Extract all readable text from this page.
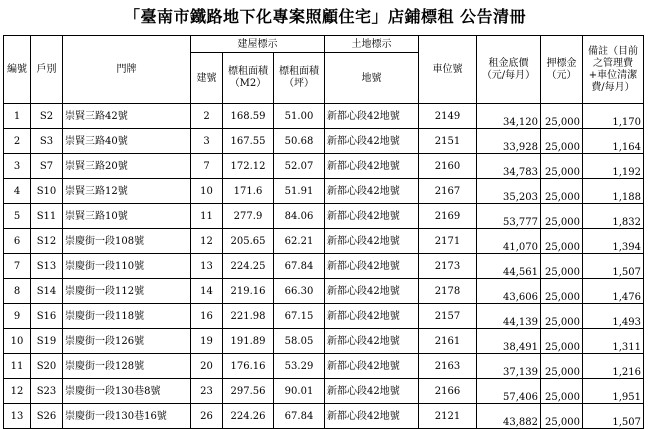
「臺南市鐵路地下化專案照顧住宅」店鋪標租 公告清冊
編號	戶別	門牌	建屋標示			土地標示	車位號	租金底價（元/每月）	押標金（元）	備註（目前之管理費+車位清潔費/每月）
			建號	標租面積（M2）	標租面積（坪）	地號				
1	S2	崇賢三路42號	2	168.59	51.00	新都心段42地號	2149	34,120	25,000	1,170
2	S3	崇賢三路40號	3	167.55	50.68	新都心段42地號	2151	33,928	25,000	1,164
3	S7	崇賢三路20號	7	172.12	52.07	新都心段42地號	2160	34,783	25,000	1,192
4	S10	崇賢三路12號	10	171.6	51.91	新都心段42地號	2167	35,203	25,000	1,188
5	S11	崇賢三路10號	11	277.9	84.06	新都心段42地號	2169	53,777	25,000	1,832
6	S12	崇慶街一段108號	12	205.65	62.21	新都心段42地號	2171	41,070	25,000	1,394
7	S13	崇慶街一段110號	13	224.25	67.84	新都心段42地號	2173	44,561	25,000	1,507
8	S14	崇慶街一段112號	14	219.16	66.30	新都心段42地號	2178	43,606	25,000	1,476
9	S16	崇慶街一段118號	16	221.98	67.15	新都心段42地號	2157	44,139	25,000	1,493
10	S19	崇慶街一段126號	19	191.89	58.05	新都心段42地號	2161	38,491	25,000	1,311
11	S20	崇慶街一段128號	20	176.16	53.29	新都心段42地號	2163	37,139	25,000	1,216
12	S23	崇慶街一段130巷8號	23	297.56	90.01	新都心段42地號	2166	57,406	25,000	1,951
13	S26	崇慶街一段130巷16號	26	224.26	67.84	新都心段42地號	2121	43,882	25,000	1,507
